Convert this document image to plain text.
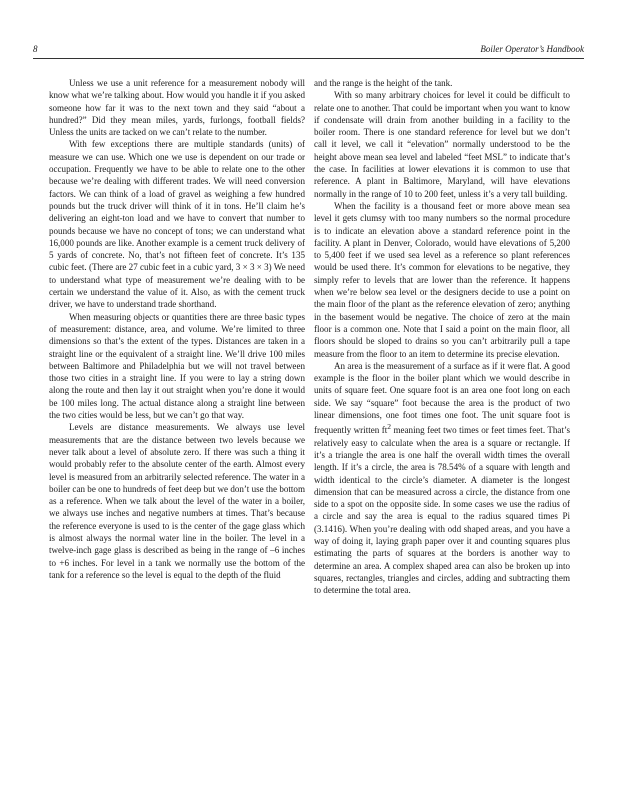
8	Boiler Operator’s Handbook

Unless we use a unit reference for a measurement nobody will know what we’re talking about. How would you handle it if you asked someone how far it was to the next town and they said “about a hundred?” Did they mean miles, yards, furlongs, football fields? Unless the units are tacked on we can’t relate to the number.

With few exceptions there are multiple standards (units) of measure we can use. Which one we use is dependent on our trade or occupation. Frequently we have to be able to relate one to the other because we’re dealing with different trades. We will need conversion factors. We can think of a load of gravel as weighing a few hundred pounds but the truck driver will think of it in tons. He’ll claim he’s delivering an eight-ton load and we have to convert that number to pounds because we have no concept of tons; we can understand what 16,000 pounds are like. Another example is a cement truck delivery of 5 yards of concrete. No, that’s not fifteen feet of concrete. It’s 135 cubic feet. (There are 27 cubic feet in a cubic yard, 3 × 3 × 3) We need to understand what type of measurement we’re dealing with to be certain we understand the value of it. Also, as with the cement truck driver, we have to understand trade shorthand.

When measuring objects or quantities there are three basic types of measurement: distance, area, and volume. We’re limited to three dimensions so that’s the extent of the types. Distances are taken in a straight line or the equivalent of a straight line. We’ll drive 100 miles between Baltimore and Philadelphia but we will not travel between those two cities in a straight line. If you were to lay a string down along the route and then lay it out straight when you’re done it would be 100 miles long. The actual distance along a straight line between the two cities would be less, but we can’t go that way.

Levels are distance measurements. We always use level measurements that are the distance between two levels because we never talk about a level of absolute zero. If there was such a thing it would probably refer to the absolute center of the earth. Almost every level is measured from an arbitrarily selected reference. The water in a boiler can be one to hundreds of feet deep but we don’t use the bottom as a reference. When we talk about the level of the water in a boiler, we always use inches and negative numbers at times. That’s because the reference everyone is used to is the center of the gage glass which is almost always the normal water line in the boiler. The level in a twelve-inch gage glass is described as being in the range of –6 inches to +6 inches. For level in a tank we normally use the bottom of the tank for a reference so the level is equal to the depth of the fluid

and the range is the height of the tank.

With so many arbitrary choices for level it could be difficult to relate one to another. That could be important when you want to know if condensate will drain from another building in a facility to the boiler room. There is one standard reference for level but we don’t call it level, we call it “elevation” normally understood to be the height above mean sea level and labeled “feet MSL” to indicate that’s the case. In facilities at lower elevations it is common to use that reference. A plant in Baltimore, Maryland, will have elevations normally in the range of 10 to 200 feet, unless it’s a very tall building.

When the facility is a thousand feet or more above mean sea level it gets clumsy with too many numbers so the normal procedure is to indicate an elevation above a standard reference point in the facility. A plant in Denver, Colorado, would have elevations of 5,200 to 5,400 feet if we used sea level as a reference so plant references would be used there. It’s common for elevations to be negative, they simply refer to levels that are lower than the reference. It happens when we’re below sea level or the designers decide to use a point on the main floor of the plant as the reference elevation of zero; anything in the basement would be negative. The choice of zero at the main floor is a common one. Note that I said a point on the main floor, all floors should be sloped to drains so you can’t arbitrarily pull a tape measure from the floor to an item to determine its precise elevation.

An area is the measurement of a surface as if it were flat. A good example is the floor in the boiler plant which we would describe in units of square feet. One square foot is an area one foot long on each side. We say “square” foot because the area is the product of two linear dimensions, one foot times one foot. The unit square foot is frequently written $ft^2$ meaning feet two times or feet times feet. That’s relatively easy to calculate when the area is a square or rectangle. If it’s a triangle the area is one half the overall width times the overall length. If it’s a circle, the area is 78.54% of a square with length and width identical to the circle’s diameter. A diameter is the longest dimension that can be measured across a circle, the distance from one side to a spot on the opposite side. In some cases we use the radius of a circle and say the area is equal to the radius squared times Pi (3.1416). When you’re dealing with odd shaped areas, and you have a way of doing it, laying graph paper over it and counting squares plus estimating the parts of squares at the borders is another way to determine an area. A complex shaped area can also be broken up into squares, rectangles, triangles and circles, adding and subtracting them to determine the total area.
